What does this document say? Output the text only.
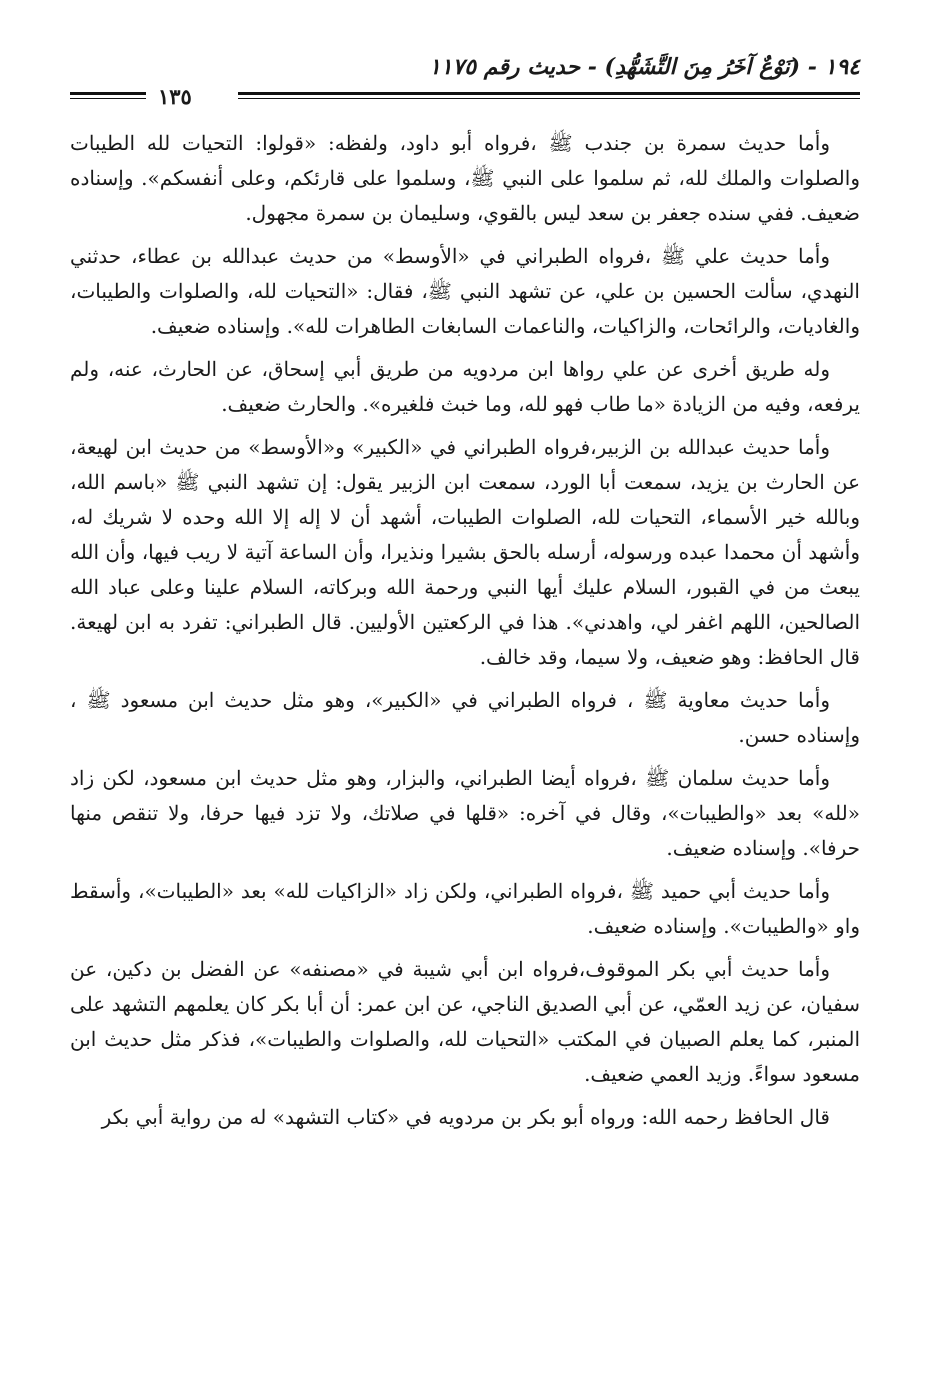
١٩٤ - (نَوْعٌ آخَرُ مِنَ التَّشَهُّدِ) - حديث رقم ١١٧٥
١٣٥

وأما حديث سمرة بن جندب ﷺ ،فرواه أبو داود، ولفظه: «قولوا: التحيات لله الطيبات والصلوات والملك لله، ثم سلموا على النبي ﷺ، وسلموا على قارئكم، وعلى أنفسكم». وإسناده ضعيف. ففي سنده جعفر بن سعد ليس بالقوي، وسليمان بن سمرة مجهول.

وأما حديث علي ﷺ ،فرواه الطبراني في «الأوسط» من حديث عبدالله بن عطاء، حدثني النهدي، سألت الحسين بن علي، عن تشهد النبي ﷺ، فقال: «التحيات لله، والصلوات والطيبات، والغاديات، والرائحات، والزاكيات، والناعمات السابغات الطاهرات لله». وإسناده ضعيف.

وله طريق أخرى عن علي رواها ابن مردويه من طريق أبي إسحاق، عن الحارث، عنه، ولم يرفعه، وفيه من الزيادة «ما طاب فهو لله، وما خبث فلغيره». والحارث ضعيف.

وأما حديث عبدالله بن الزبير،فرواه الطبراني في «الكبير» و«الأوسط» من حديث ابن لهيعة، عن الحارث بن يزيد، سمعت أبا الورد، سمعت ابن الزبير يقول: إن تشهد النبي ﷺ «باسم الله، وبالله خير الأسماء، التحيات لله، الصلوات الطيبات، أشهد أن لا إله إلا الله وحده لا شريك له، وأشهد أن محمدا عبده ورسوله، أرسله بالحق بشيرا ونذيرا، وأن الساعة آتية لا ريب فيها، وأن الله يبعث من في القبور، السلام عليك أيها النبي ورحمة الله وبركاته، السلام علينا وعلى عباد الله الصالحين، اللهم اغفر لي، واهدني». هذا في الركعتين الأوليين. قال الطبراني: تفرد به ابن لهيعة. قال الحافظ: وهو ضعيف، ولا سيما، وقد خالف.

وأما حديث معاوية ﷺ ، فرواه الطبراني في «الكبير»، وهو مثل حديث ابن مسعود ﷺ ، وإسناده حسن.

وأما حديث سلمان ﷺ ،فرواه أيضا الطبراني، والبزار، وهو مثل حديث ابن مسعود، لكن زاد «لله» بعد «والطيبات»، وقال في آخره: «قلها في صلاتك، ولا تزد فيها حرفا، ولا تنقص منها حرفا». وإسناده ضعيف.

وأما حديث أبي حميد ﷺ ،فرواه الطبراني، ولكن زاد «الزاكيات لله» بعد «الطيبات»، وأسقط واو «والطيبات». وإسناده ضعيف.

وأما حديث أبي بكر الموقوف،فرواه ابن أبي شيبة في «مصنفه» عن الفضل بن دكين، عن سفيان، عن زيد العمّي، عن أبي الصديق الناجي، عن ابن عمر: أن أبا بكر كان يعلمهم التشهد على المنبر، كما يعلم الصبيان في المكتب «التحيات لله، والصلوات والطيبات»، فذكر مثل حديث ابن مسعود سواءً. وزيد العمي ضعيف.

قال الحافظ رحمه الله: ورواه أبو بكر بن مردويه في «كتاب التشهد» له من رواية أبي بكر
